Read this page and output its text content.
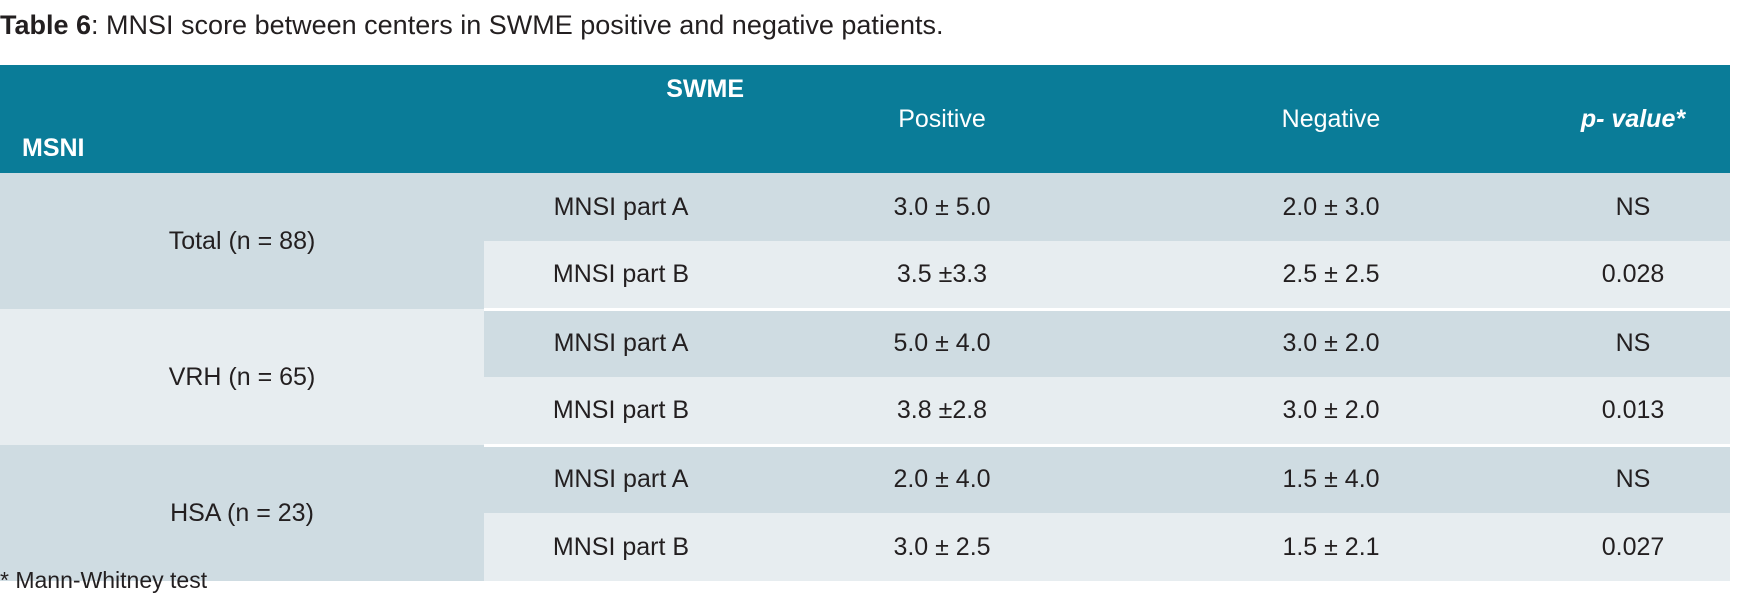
Table 6: MNSI score between centers in SWME positive and negative patients.
SWME
MSNI		Positive	Negative	p- value*
Total (n = 88)	MNSI part A	3.0 ± 5.0	2.0 ± 3.0	NS
	MNSI part B	3.5 ±3.3	2.5 ± 2.5	0.028
VRH (n = 65)	MNSI part A	5.0 ± 4.0	3.0 ± 2.0	NS
	MNSI part B	3.8 ±2.8	3.0 ± 2.0	0.013
HSA (n = 23)	MNSI part A	2.0 ± 4.0	1.5 ± 4.0	NS
	MNSI part B	3.0 ± 2.5	1.5 ± 2.1	0.027
* Mann-Whitney test
